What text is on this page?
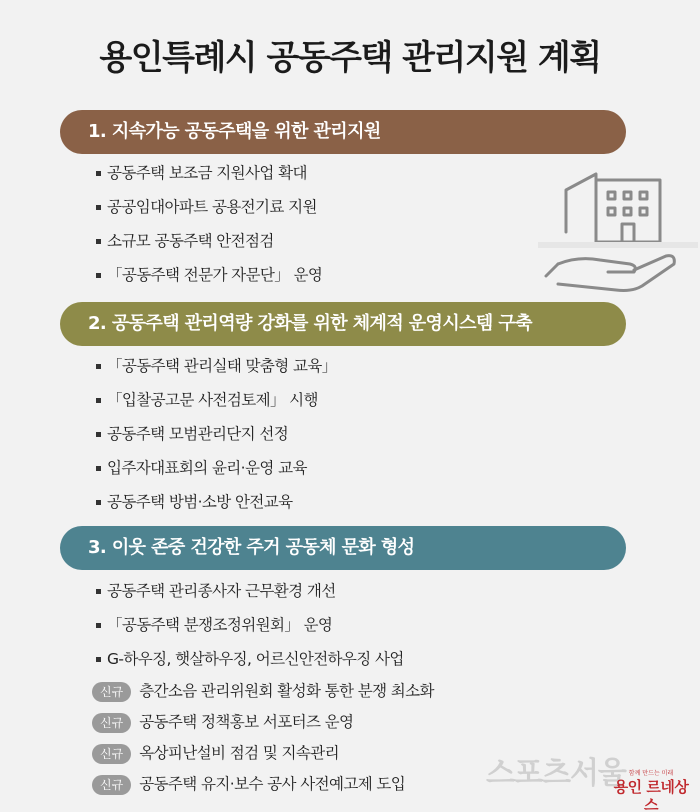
용인특례시 공동주택 관리지원 계획
1. 지속가능 공동주택을 위한 관리지원
공동주택 보조금 지원사업 확대
공공임대아파트 공용전기료 지원
소규모 공동주택 안전점검
「공동주택 전문가 자문단」 운영
2. 공동주택 관리역량 강화를 위한 체계적 운영시스템 구축
「공동주택 관리실태 맞춤형 교육」
「입찰공고문 사전검토제」 시행
공동주택 모범관리단지 선정
입주자대표회의 윤리·운영 교육
공동주택 방범·소방 안전교육
3. 이웃 존중 건강한 주거 공동체 문화 형성
공동주택 관리종사자 근무환경 개선
「공동주택 분쟁조정위원회」 운영
G-하우징, 햇살하우징, 어르신안전하우징 사업
신규	층간소음 관리위원회 활성화 통한 분쟁 최소화
신규	공동주택 정책홍보 서포터즈 운영
신규	옥상피난설비 점검 및 지속관리
신규	공동주택 유지·보수 공사 사전예고제 도입	스포츠서울 함께 만드는 미래
용인 르네상스
